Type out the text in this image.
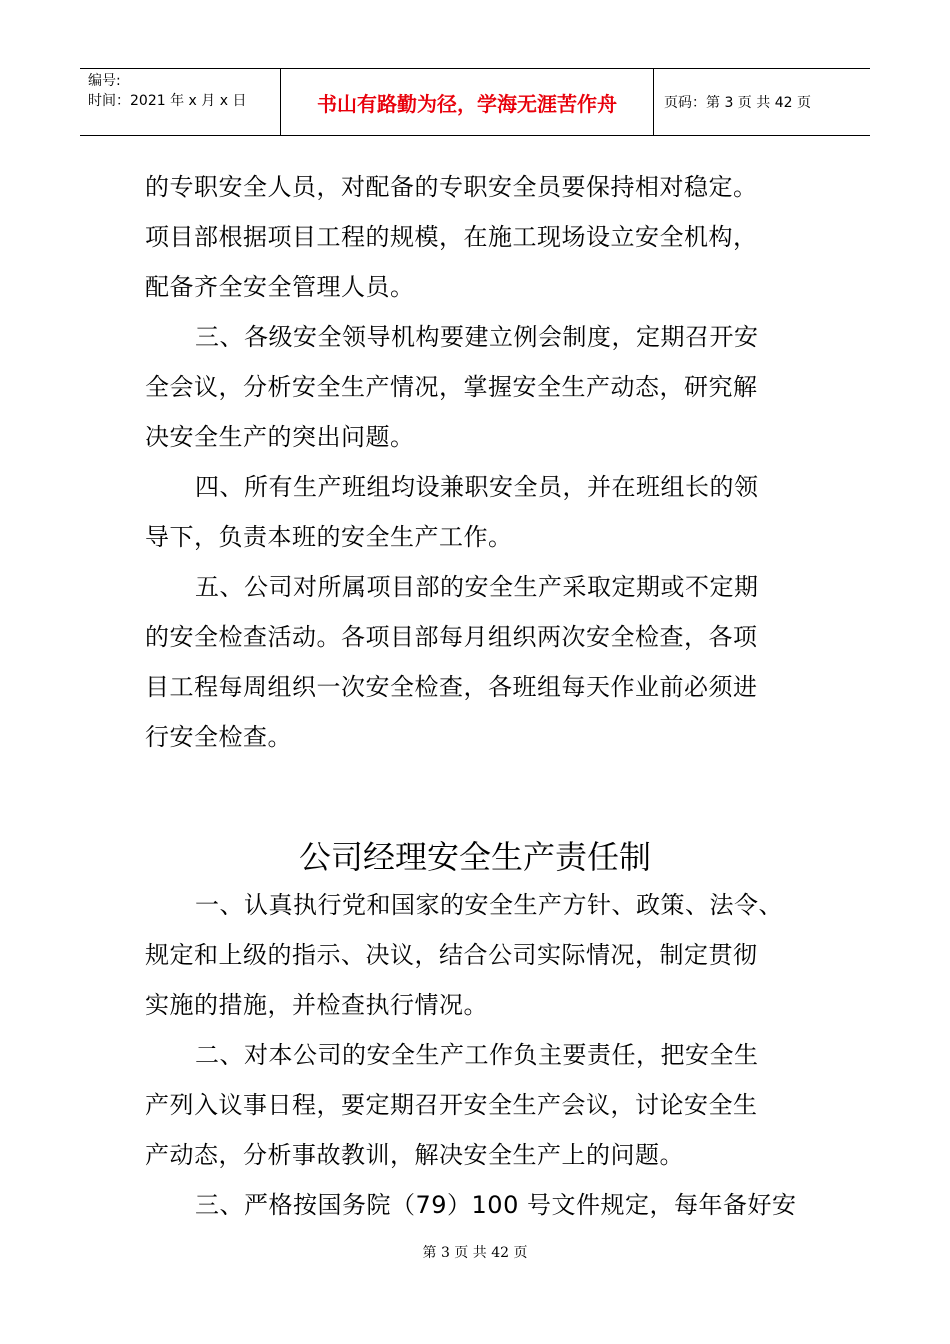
编号:
时间：2021 年 x 月 x 日	书山有路勤为径，学海无涯苦作舟	页码：第 3 页 共 42 页
的专职安全人员，对配备的专职安全员要保持相对稳定。
项目部根据项目工程的规模，在施工现场设立安全机构，
配备齐全安全管理人员。
三、各级安全领导机构要建立例会制度，定期召开安
全会议，分析安全生产情况，掌握安全生产动态，研究解
决安全生产的突出问题。
四、所有生产班组均设兼职安全员，并在班组长的领
导下，负责本班的安全生产工作。
五、公司对所属项目部的安全生产采取定期或不定期
的安全检查活动。各项目部每月组织两次安全检查，各项
目工程每周组织一次安全检查，各班组每天作业前必须进
行安全检查。
公司经理安全生产责任制
一、认真执行党和国家的安全生产方针、政策、法令、
规定和上级的指示、决议，结合公司实际情况，制定贯彻
实施的措施，并检查执行情况。
二、对本公司的安全生产工作负主要责任，把安全生
产列入议事日程，要定期召开安全生产会议，讨论安全生
产动态，分析事故教训，解决安全生产上的问题。
三、严格按国务院（79）100 号文件规定，每年备好安
第 3 页 共 42 页
